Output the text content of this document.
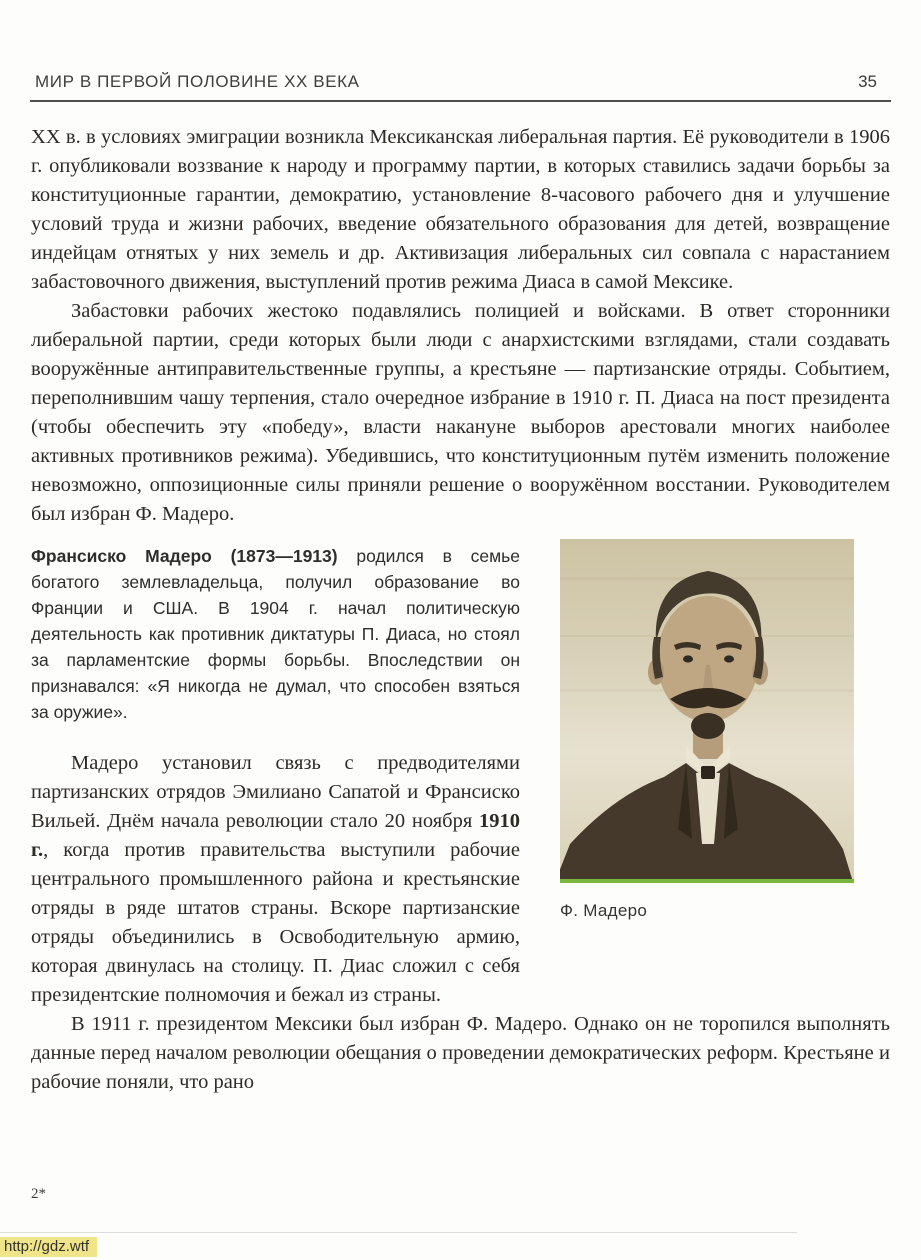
МИР В ПЕРВОЙ ПОЛОВИНЕ XX ВЕКА	35

XX в. в условиях эмиграции возникла Мексиканская либеральная партия. Её руководители в 1906 г. опубликовали воззвание к народу и программу партии, в которых ставились задачи борьбы за конституционные гарантии, демократию, установление 8-часового рабочего дня и улучшение условий труда и жизни рабочих, введение обязательного образования для детей, возвращение индейцам отнятых у них земель и др. Активизация либеральных сил совпала с нарастанием забастовочного движения, выступлений против режима Диаса в самой Мексике.

Забастовки рабочих жестоко подавлялись полицией и войсками. В ответ сторонники либеральной партии, среди которых были люди с анархистскими взглядами, стали создавать вооружённые антиправительственные группы, а крестьяне — партизанские отряды. Событием, переполнившим чашу терпения, стало очередное избрание в 1910 г. П. Диаса на пост президента (чтобы обеспечить эту «победу», власти накануне выборов арестовали многих наиболее активных противников режима). Убедившись, что конституционным путём изменить положение невозможно, оппозиционные силы приняли решение о вооружённом восстании. Руководителем был избран Ф. Мадеро.

Ф. Мадеро

Франсиско Мадеро (1873—1913) родился в семье богатого землевладельца, получил образование во Франции и США. В 1904 г. начал политическую деятельность как противник диктатуры П. Диаса, но стоял за парламентские формы борьбы. Впоследствии он признавался: «Я никогда не думал, что способен взяться за оружие».

Мадеро установил связь с предводителями партизанских отрядов Эмилиано Сапатой и Франсиско Вильей. Днём начала революции стало 20 ноября 1910 г., когда против правительства выступили рабочие центрального промышленного района и крестьянские отряды в ряде штатов страны. Вскоре партизанские отряды объединились в Освободительную армию, которая двинулась на столицу. П. Диас сложил с себя президентские полномочия и бежал из страны.

В 1911 г. президентом Мексики был избран Ф. Мадеро. Однако он не торопился выполнять данные перед началом революции обещания о проведении демократических реформ. Крестьяне и рабочие поняли, что рано

2*
http://gdz.wtf
